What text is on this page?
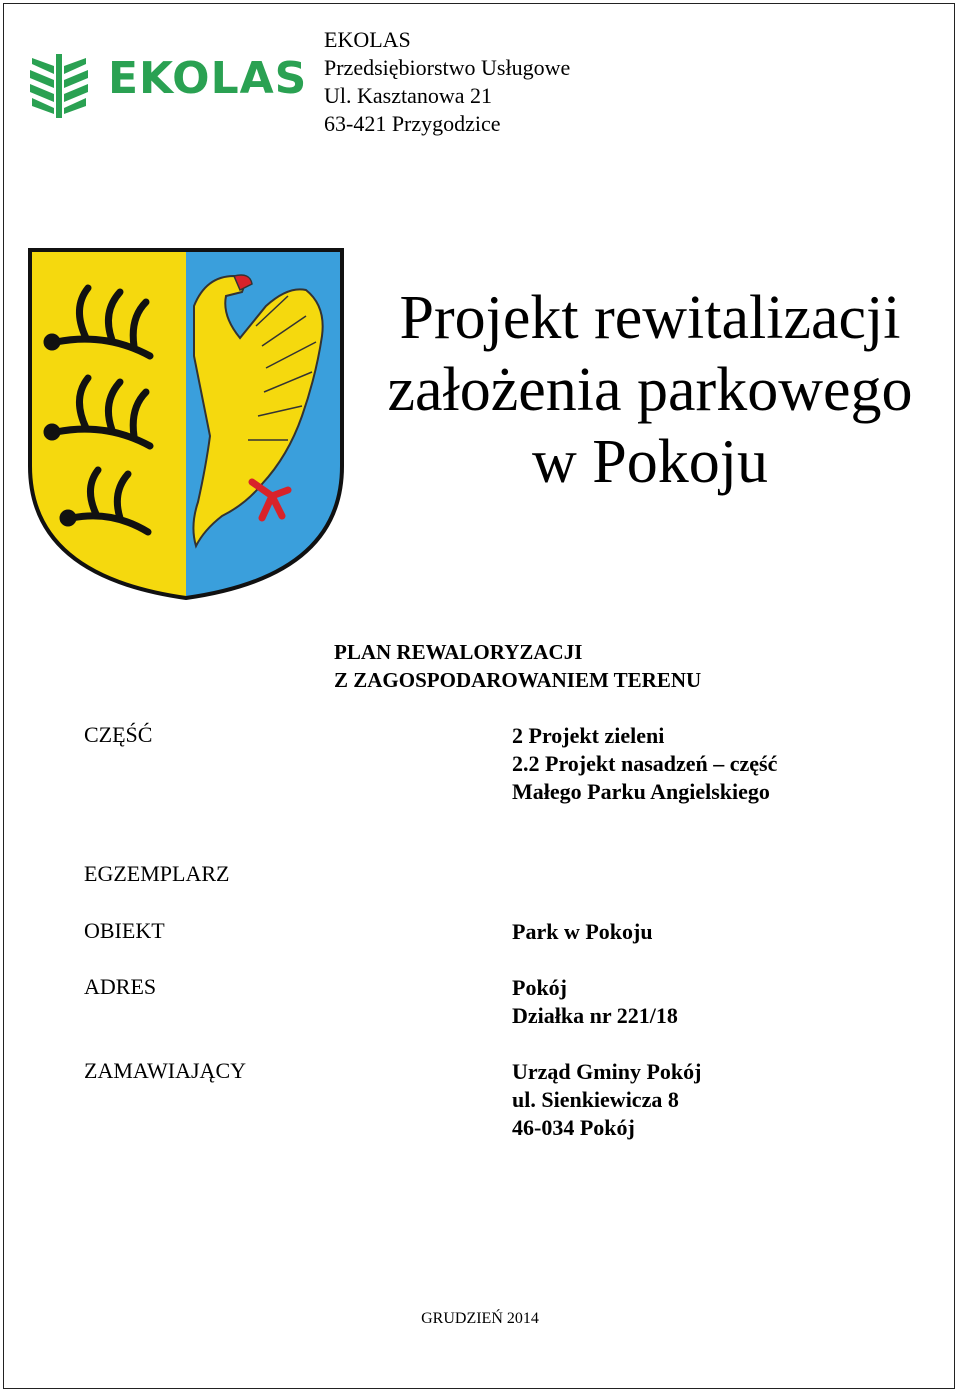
EKOLAS
EKOLAS
Przedsiębiorstwo Usługowe
Ul. Kasztanowa 21
63-421 Przygodzice
Projekt rewitalizacji
założenia parkowego
w Pokoju
PLAN REWALORYZACJI
Z ZAGOSPODAROWANIEM TERENU
CZĘŚĆ	2 Projekt zieleni
2.2 Projekt nasadzeń – część
Małego Parku Angielskiego
EGZEMPLARZ
OBIEKT	Park w Pokoju
ADRES	Pokój
Działka nr 221/18
ZAMAWIAJĄCY	Urząd Gminy Pokój
ul. Sienkiewicza 8
46-034 Pokój
GRUDZIEŃ 2014
